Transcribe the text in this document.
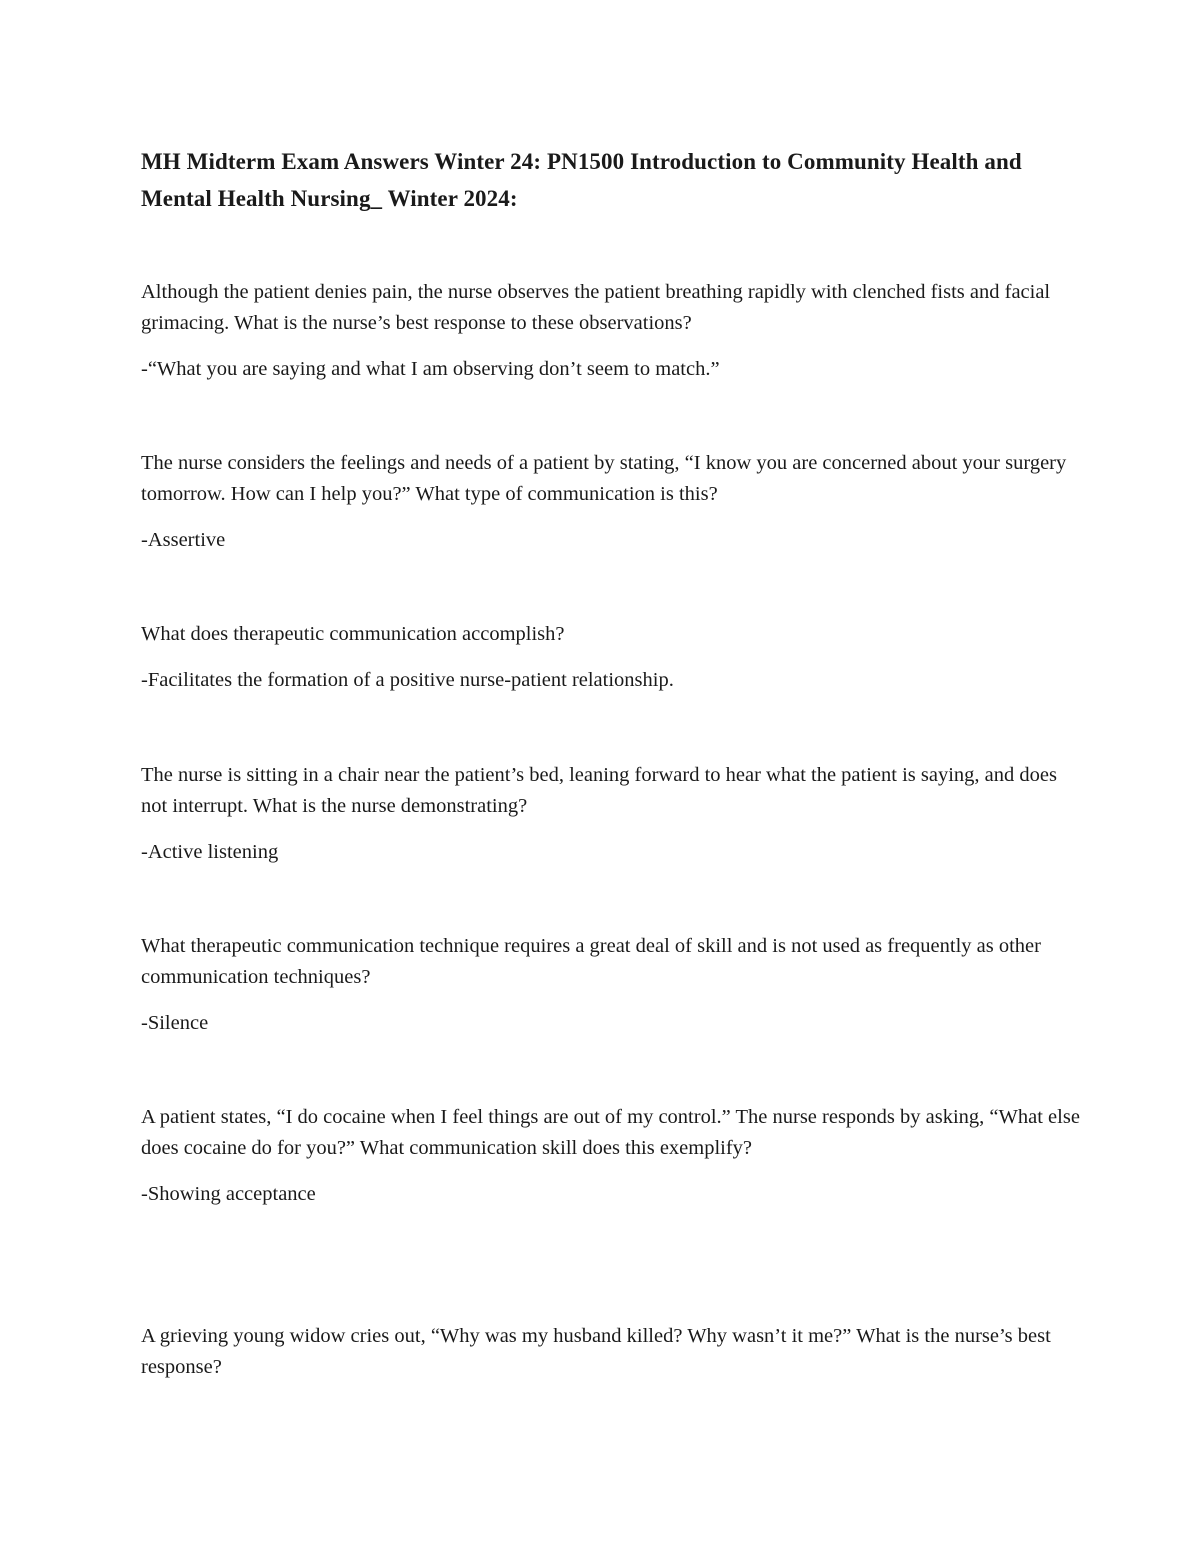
MH Midterm Exam Answers Winter 24: PN1500 Introduction to Community Health and Mental Health Nursing_ Winter 2024:

Although the patient denies pain, the nurse observes the patient breathing rapidly with clenched fists and facial grimacing. What is the nurse’s best response to these observations?

-“What you are saying and what I am observing don’t seem to match.”

The nurse considers the feelings and needs of a patient by stating, “I know you are concerned about your surgery tomorrow. How can I help you?” What type of communication is this?

-Assertive

What does therapeutic communication accomplish?

-Facilitates the formation of a positive nurse-patient relationship.

The nurse is sitting in a chair near the patient’s bed, leaning forward to hear what the patient is saying, and does not interrupt. What is the nurse demonstrating?

-Active listening

What therapeutic communication technique requires a great deal of skill and is not used as frequently as other communication techniques?

-Silence

A patient states, “I do cocaine when I feel things are out of my control.” The nurse responds by asking, “What else does cocaine do for you?” What communication skill does this exemplify?

-Showing acceptance

A grieving young widow cries out, “Why was my husband killed? Why wasn’t it me?” What is the nurse’s best response?
